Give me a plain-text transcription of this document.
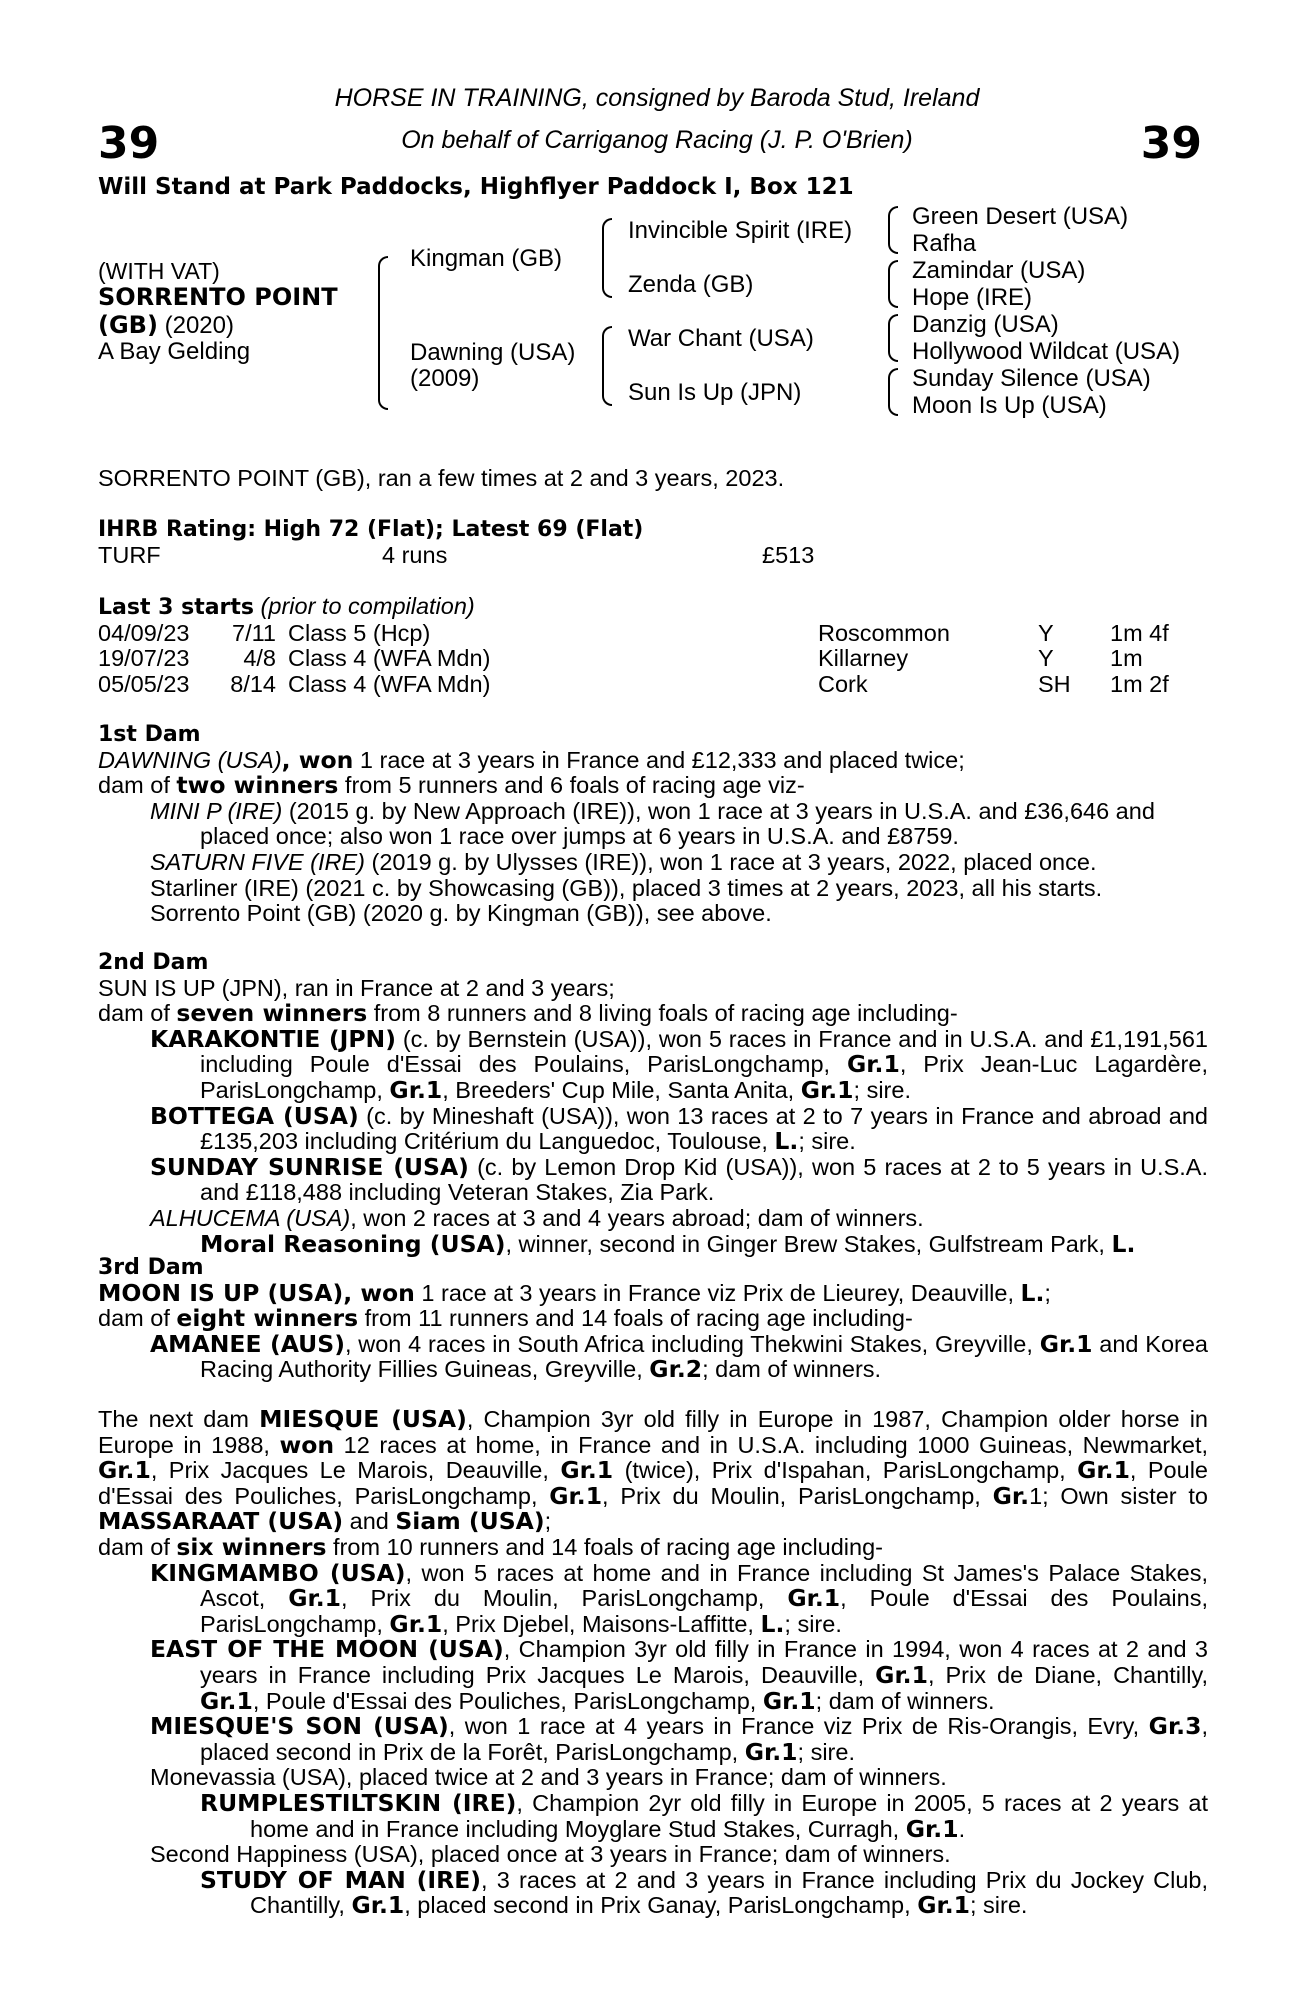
39	39
HORSE IN TRAINING, consigned by Baroda Stud, Ireland
On behalf of Carriganog Racing (J. P. O'Brien)
Will Stand at Park Paddocks, Highflyer Paddock I, Box 121
(WITH VAT)
SORRENTO POINT
(GB) (2020)
A Bay Gelding
Kingman (GB)
Dawning (USA)
(2009)
Invincible Spirit (IRE)
Zenda (GB)
War Chant (USA)
Sun Is Up (JPN)
Green Desert (USA)
Rafha
Zamindar (USA)
Hope (IRE)
Danzig (USA)
Hollywood Wildcat (USA)
Sunday Silence (USA)
Moon Is Up (USA)
SORRENTO POINT (GB), ran a few times at 2 and 3 years, 2023.
IHRB Rating: High 72 (Flat); Latest 69 (Flat)
TURF	4 runs	£513
Last 3 starts (prior to compilation)
04/09/23	7/11 Class 5 (Hcp)	Roscommon	Y 1m 4f
19/07/23	4/8 Class 4 (WFA Mdn)	Killarney	Y 1m
05/05/23	8/14 Class 4 (WFA Mdn)	Cork	SH 1m 2f
1st Dam
DAWNING (USA), won 1 race at 3 years in France and £12,333 and placed twice;
dam of two winners from 5 runners and 6 foals of racing age viz-
MINI P (IRE) (2015 g. by New Approach (IRE)), won 1 race at 3 years in U.S.A. and £36,646 and placed once; also won 1 race over jumps at 6 years in U.S.A. and £8759.
SATURN FIVE (IRE) (2019 g. by Ulysses (IRE)), won 1 race at 3 years, 2022, placed once.
Starliner (IRE) (2021 c. by Showcasing (GB)), placed 3 times at 2 years, 2023, all his starts.
Sorrento Point (GB) (2020 g. by Kingman (GB)), see above.
2nd Dam
SUN IS UP (JPN), ran in France at 2 and 3 years;
dam of seven winners from 8 runners and 8 living foals of racing age including-
KARAKONTIE (JPN) (c. by Bernstein (USA)), won 5 races in France and in U.S.A. and £1,191,561 including Poule d'Essai des Poulains, ParisLongchamp, Gr.1, Prix Jean-Luc Lagardère, ParisLongchamp, Gr.1, Breeders' Cup Mile, Santa Anita, Gr.1; sire.
BOTTEGA (USA) (c. by Mineshaft (USA)), won 13 races at 2 to 7 years in France and abroad and £135,203 including Critérium du Languedoc, Toulouse, L.; sire.
SUNDAY SUNRISE (USA) (c. by Lemon Drop Kid (USA)), won 5 races at 2 to 5 years in U.S.A. and £118,488 including Veteran Stakes, Zia Park.
ALHUCEMA (USA), won 2 races at 3 and 4 years abroad; dam of winners.
Moral Reasoning (USA), winner, second in Ginger Brew Stakes, Gulfstream Park, L.
3rd Dam
MOON IS UP (USA), won 1 race at 3 years in France viz Prix de Lieurey, Deauville, L.;
dam of eight winners from 11 runners and 14 foals of racing age including-
AMANEE (AUS), won 4 races in South Africa including Thekwini Stakes, Greyville, Gr.1 and Korea Racing Authority Fillies Guineas, Greyville, Gr.2; dam of winners.
The next dam MIESQUE (USA), Champion 3yr old filly in Europe in 1987, Champion older horse in Europe in 1988, won 12 races at home, in France and in U.S.A. including 1000 Guineas, Newmarket, Gr.1, Prix Jacques Le Marois, Deauville, Gr.1 (twice), Prix d'Ispahan, ParisLongchamp, Gr.1, Poule d'Essai des Pouliches, ParisLongchamp, Gr.1, Prix du Moulin, ParisLongchamp, Gr.1; Own sister to MASSARAAT (USA) and Siam (USA);
dam of six winners from 10 runners and 14 foals of racing age including-
KINGMAMBO (USA), won 5 races at home and in France including St James's Palace Stakes, Ascot, Gr.1, Prix du Moulin, ParisLongchamp, Gr.1, Poule d'Essai des Poulains, ParisLongchamp, Gr.1, Prix Djebel, Maisons-Laffitte, L.; sire.
EAST OF THE MOON (USA), Champion 3yr old filly in France in 1994, won 4 races at 2 and 3 years in France including Prix Jacques Le Marois, Deauville, Gr.1, Prix de Diane, Chantilly, Gr.1, Poule d'Essai des Pouliches, ParisLongchamp, Gr.1; dam of winners.
MIESQUE'S SON (USA), won 1 race at 4 years in France viz Prix de Ris-Orangis, Evry, Gr.3, placed second in Prix de la Forêt, ParisLongchamp, Gr.1; sire.
Monevassia (USA), placed twice at 2 and 3 years in France; dam of winners.
RUMPLESTILTSKIN (IRE), Champion 2yr old filly in Europe in 2005, 5 races at 2 years at home and in France including Moyglare Stud Stakes, Curragh, Gr.1.
Second Happiness (USA), placed once at 3 years in France; dam of winners.
STUDY OF MAN (IRE), 3 races at 2 and 3 years in France including Prix du Jockey Club, Chantilly, Gr.1, placed second in Prix Ganay, ParisLongchamp, Gr.1; sire.
